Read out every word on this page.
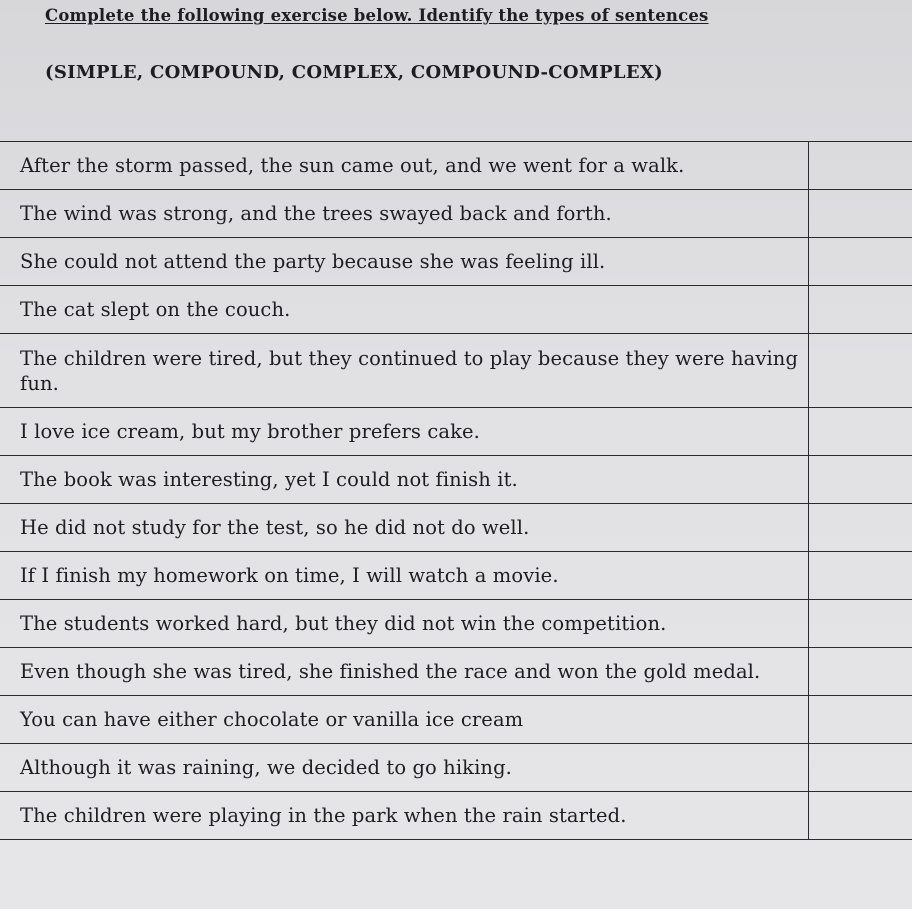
Complete the following exercise below. Identify the types of sentences
(SIMPLE, COMPOUND, COMPLEX, COMPOUND-COMPLEX)
After the storm passed, the sun came out, and we went for a walk.

The wind was strong, and the trees swayed back and forth.

She could not attend the party because she was feeling ill.

The cat slept on the couch.

The children were tired, but they continued to play because they were having fun.

I love ice cream, but my brother prefers cake.

The book was interesting, yet I could not finish it.

He did not study for the test, so he did not do well.

If I finish my homework on time, I will watch a movie.

The students worked hard, but they did not win the competition.

Even though she was tired, she finished the race and won the gold medal.

You can have either chocolate or vanilla ice cream

Although it was raining, we decided to go hiking.

The children were playing in the park when the rain started.
